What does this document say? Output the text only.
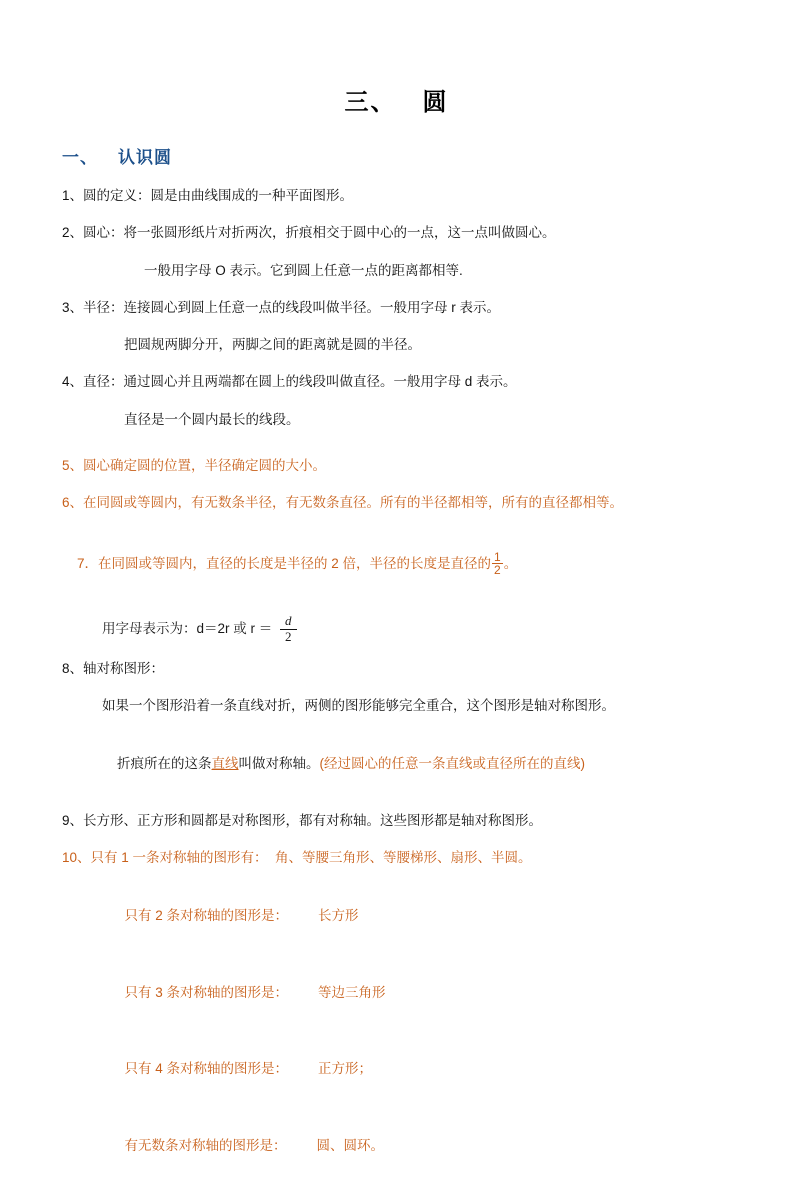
三、 圆
一、 认识圆
1、圆的定义：圆是由曲线围成的一种平面图形。
2、圆心：将一张圆形纸片对折两次，折痕相交于圆中心的一点，这一点叫做圆心。
一般用字母 O 表示。它到圆上任意一点的距离都相等.
3、半径：连接圆心到圆上任意一点的线段叫做半径。一般用字母 r 表示。
把圆规两脚分开，两脚之间的距离就是圆的半径。
4、直径：通过圆心并且两端都在圆上的线段叫做直径。一般用字母 d 表示。
直径是一个圆内最长的线段。
5、圆心确定圆的位置，半径确定圆的大小。
6、在同圆或等圆内，有无数条半径，有无数条直径。所有的半径都相等，所有的直径都相等。

7．在同圆或等圆内，直径的长度是半径的 2 倍，半径的长度是直径的 $\frac{1}{2}$ 。

用字母表示为：d＝2r 或 $r = \frac{d}{2}$
8、轴对称图形：
如果一个图形沿着一条直线对折，两侧的图形能够完全重合，这个图形是轴对称图形。

折痕所在的这条直线叫做对称轴。(经过圆心的任意一条直线或直径所在的直线)

9、长方形、正方形和圆都是对称图形，都有对称轴。这些图形都是轴对称图形。
10、只有 1 一条对称轴的图形有：  角、等腰三角形、等腰梯形、扇形、半圆。

只有 2 条对称轴的图形是： 长方形

只有 3 条对称轴的图形是： 等边三角形

只有 4 条对称轴的图形是： 正方形；

有无数条对称轴的图形是： 圆、圆环。
